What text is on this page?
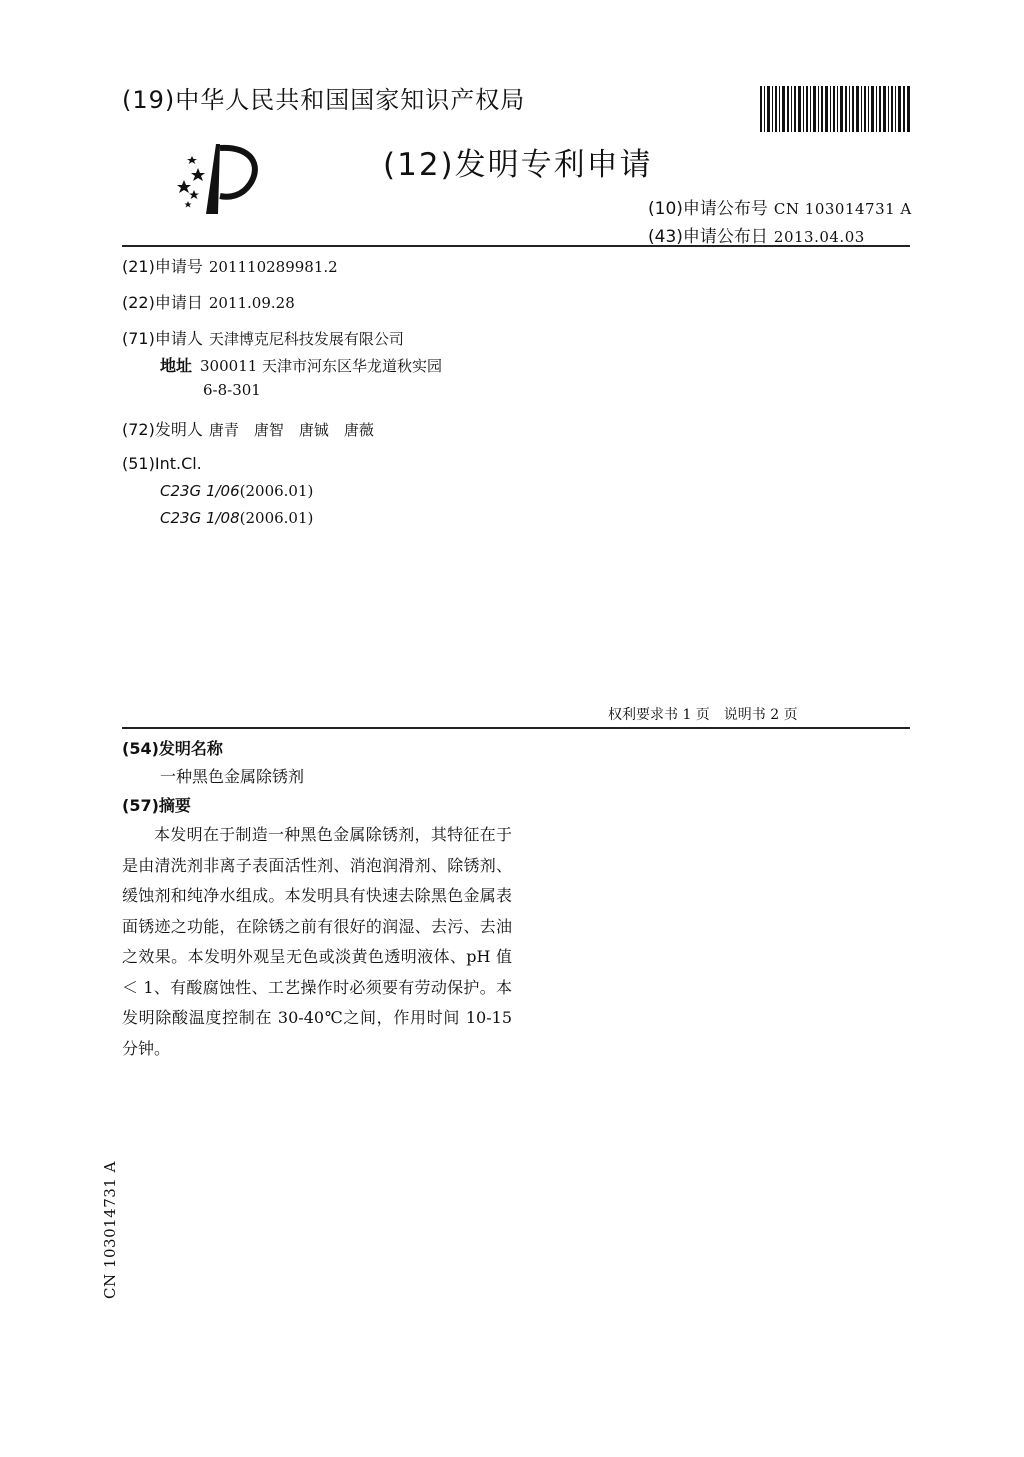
(19)中华人民共和国国家知识产权局
(12)发明专利申请
(10)申请公布号 CN 103014731 A
(43)申请公布日 2013.04.03
(21)申请号 201110289981.2
(22)申请日 2011.09.28
(71)申请人 天津博克尼科技发展有限公司
地址 300011 天津市河东区华龙道秋实园
6-8-301
(72)发明人 唐青　唐智　唐铖　唐薇
(51)Int.Cl.
C23G 1/06(2006.01)
C23G 1/08(2006.01)
权利要求书 1 页　说明书 2 页
(54)发明名称
一种黑色金属除锈剂
(57)摘要
本发明在于制造一种黑色金属除锈剂，其特征在于是由清洗剂非离子表面活性剂、消泡润滑剂、除锈剂、缓蚀剂和纯净水组成。本发明具有快速去除黑色金属表面锈迹之功能，在除锈之前有很好的润湿、去污、去油之效果。本发明外观呈无色或淡黄色透明液体、pH 值＜ 1、有酸腐蚀性、工艺操作时必须要有劳动保护。本发明除酸温度控制在 30-40℃之间，作用时间 10-15 分钟。
CN 103014731 A
